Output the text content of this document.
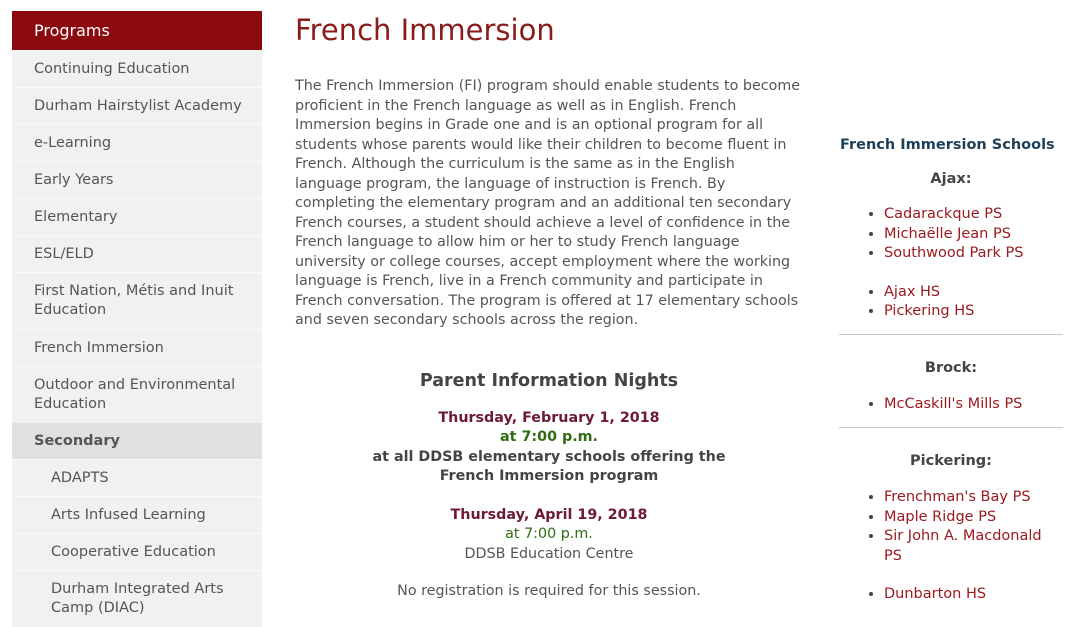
Programs
Continuing Education
Durham Hairstylist Academy
e-Learning
Early Years
Elementary
ESL/ELD
First Nation, Métis and Inuit Education
French Immersion
Outdoor and Environmental Education
Secondary
ADAPTS
Arts Infused Learning
Cooperative Education
Durham Integrated Arts Camp (DIAC)
French Immersion

The French Immersion (FI) program should enable students to become proficient in the French language as well as in English. French Immersion begins in Grade one and is an optional program for all students whose parents would like their children to become fluent in French. Although the curriculum is the same as in the English language program, the language of instruction is French. By completing the elementary program and an additional ten secondary French courses, a student should achieve a level of confidence in the French language to allow him or her to study French language university or college courses, accept employment where the working language is French, live in a French community and participate in French conversation. The program is offered at 17 elementary schools and seven secondary schools across the region.

Parent Information Nights
Thursday, February 1, 2018
at 7:00 p.m.
at all DDSB elementary schools offering the
French Immersion program
Thursday, April 19, 2018
at 7:00 p.m.
DDSB Education Centre
No registration is required for this session.
French Immersion Schools
Ajax:
• Cadarackque PS
• Michaëlle Jean PS
• Southwood Park PS
• Ajax HS
• Pickering HS
Brock:
• McCaskill's Mills PS
Pickering:
• Frenchman's Bay PS
• Maple Ridge PS
• Sir John A. Macdonald PS
• Dunbarton HS
